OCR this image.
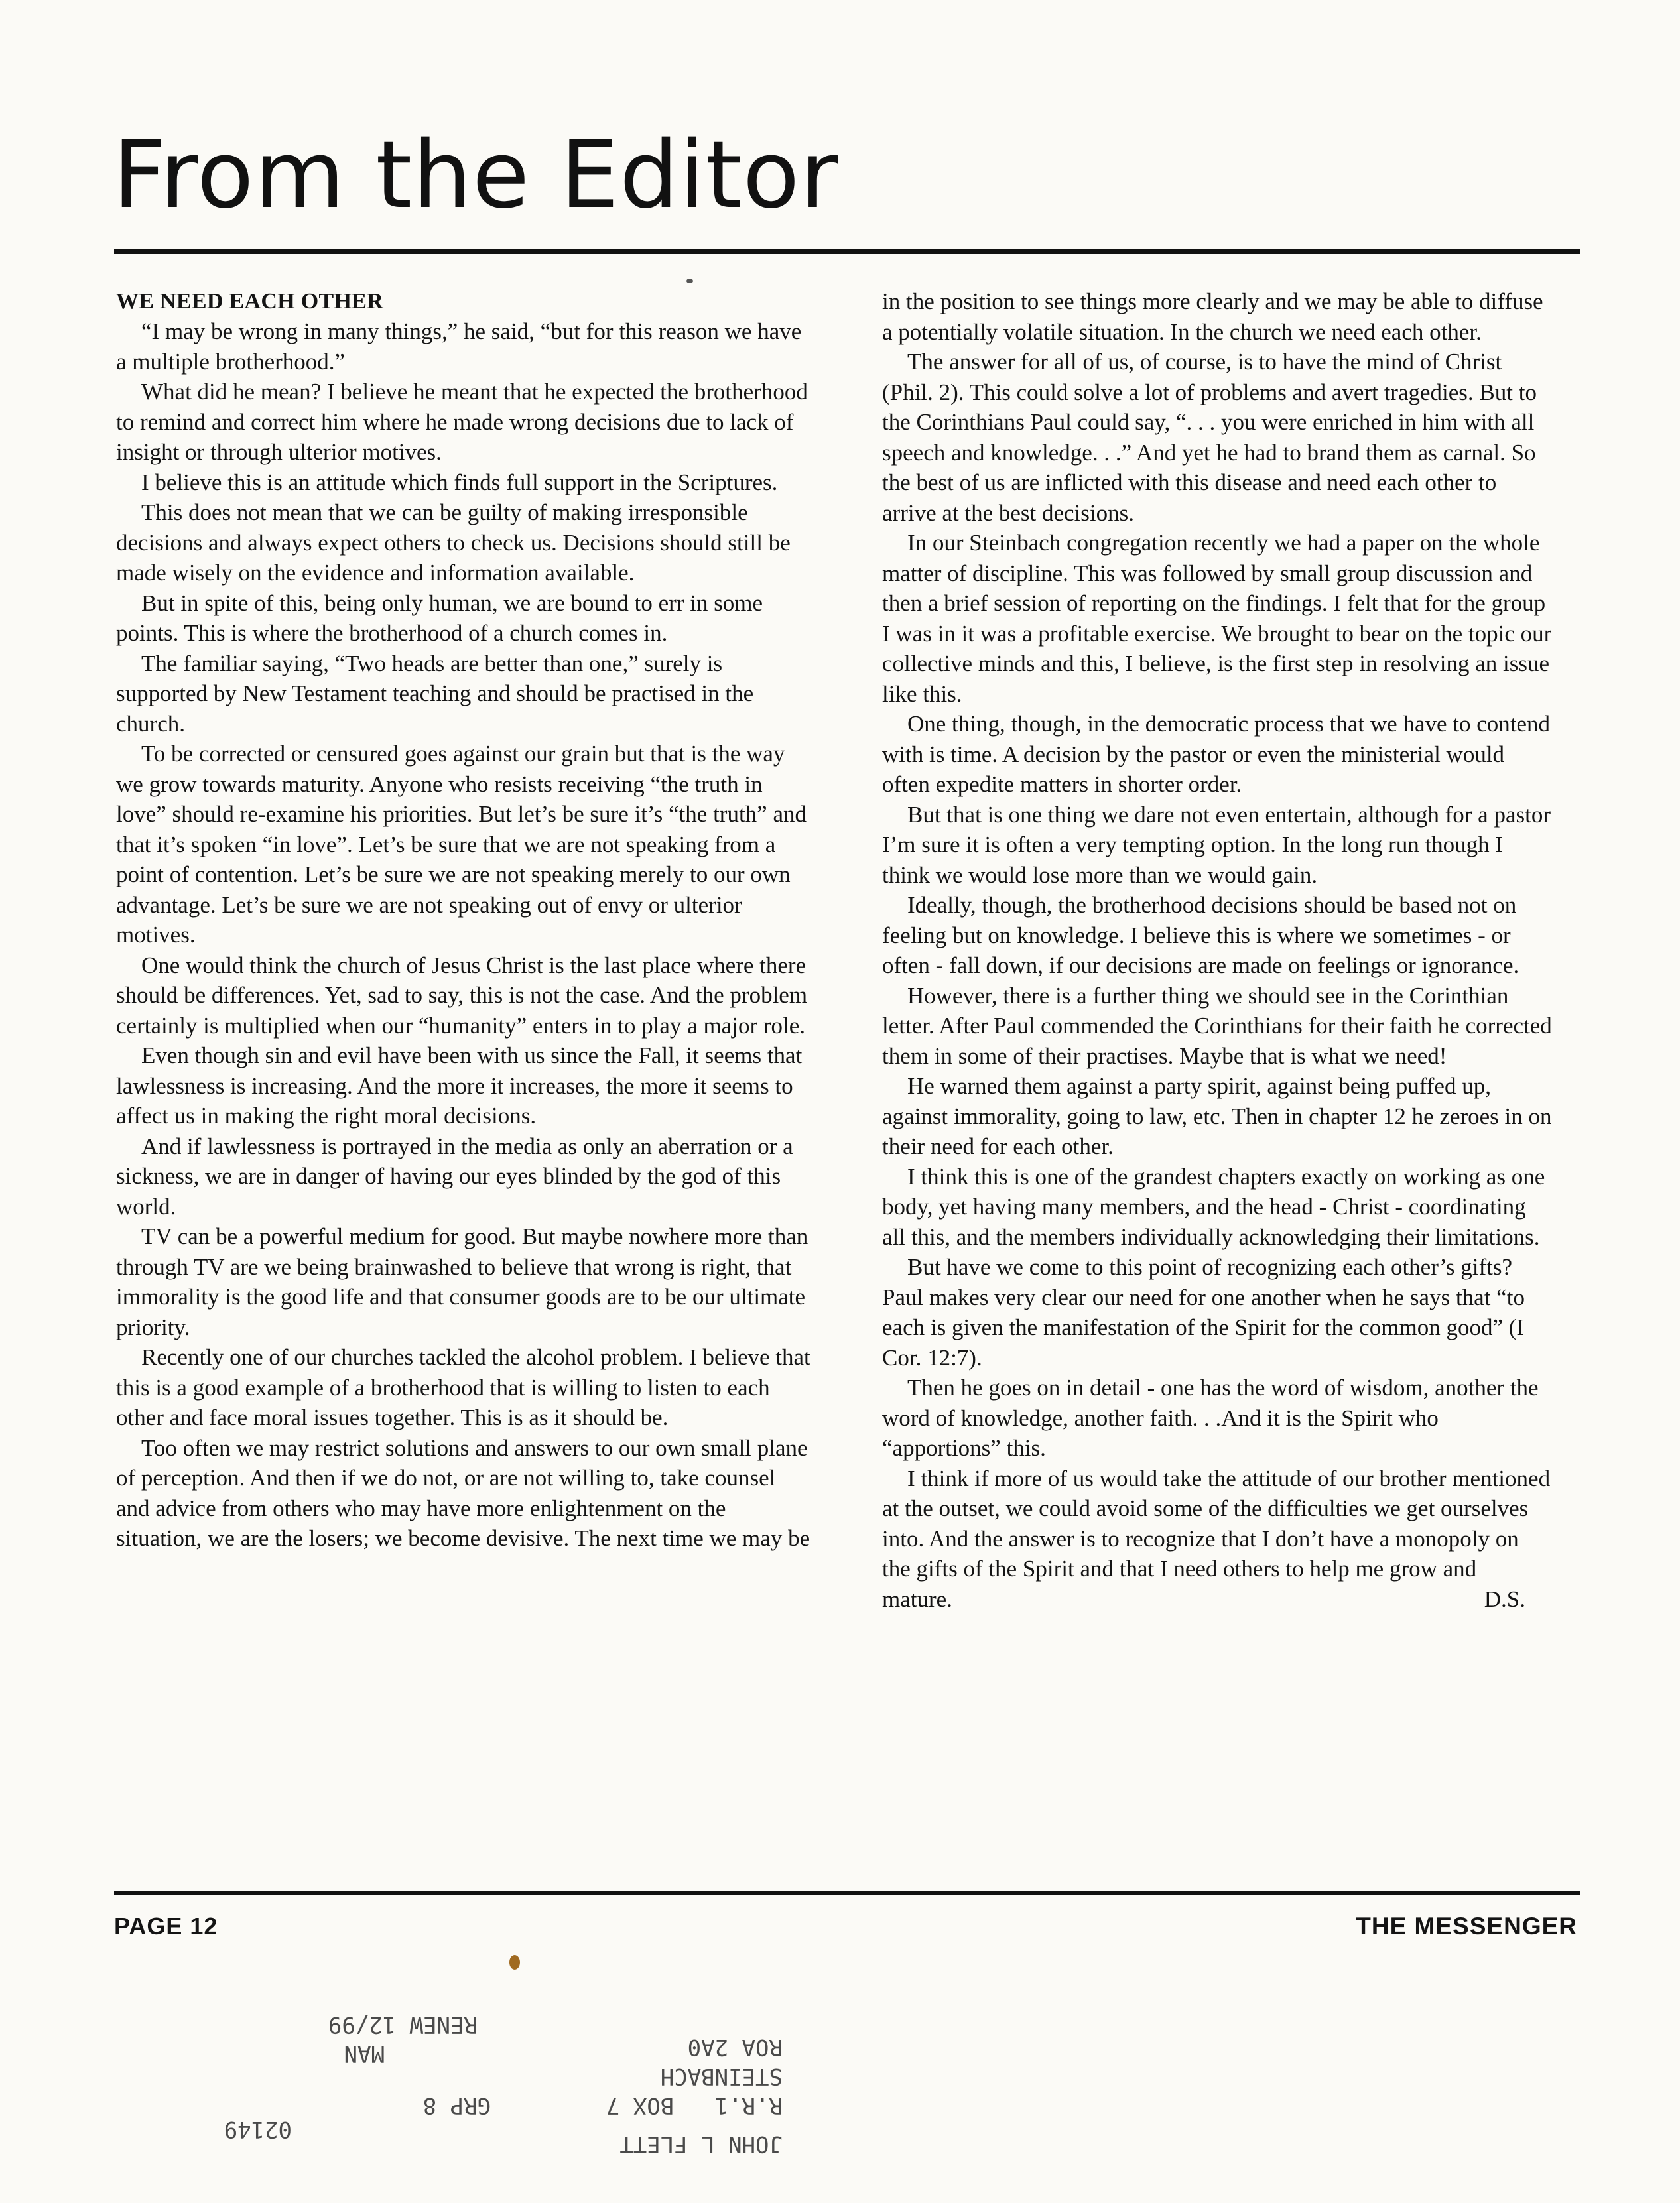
From the Editor
WE NEED EACH OTHER

“I may be wrong in many things,” he said, “but for this reason we have a multiple brotherhood.”

What did he mean? I believe he meant that he expected the brotherhood to remind and correct him where he made wrong decisions due to lack of insight or through ulterior motives.

I believe this is an attitude which finds full support in the Scriptures.

This does not mean that we can be guilty of making irresponsible decisions and always expect others to check us. Decisions should still be made wisely on the evidence and information available.

But in spite of this, being only human, we are bound to err in some points. This is where the brotherhood of a church comes in.

The familiar saying, “Two heads are better than one,” surely is supported by New Testament teaching and should be practised in the church.

To be corrected or censured goes against our grain but that is the way we grow towards maturity. Anyone who resists receiving “the truth in love” should re-examine his priorities. But let’s be sure it’s “the truth” and that it’s spoken “in love”. Let’s be sure that we are not speaking from a point of contention. Let’s be sure we are not speaking merely to our own advantage. Let’s be sure we are not speaking out of envy or ulterior motives.

One would think the church of Jesus Christ is the last place where there should be differences. Yet, sad to say, this is not the case. And the problem certainly is multiplied when our “humanity” enters in to play a major role.

Even though sin and evil have been with us since the Fall, it seems that lawlessness is increasing. And the more it increases, the more it seems to affect us in making the right moral decisions.

And if lawlessness is portrayed in the media as only an aberration or a sickness, we are in danger of having our eyes blinded by the god of this world.

TV can be a powerful medium for good. But maybe nowhere more than through TV are we being brainwashed to believe that wrong is right, that immorality is the good life and that consumer goods are to be our ultimate priority.

Recently one of our churches tackled the alcohol problem. I believe that this is a good example of a brotherhood that is willing to listen to each other and face moral issues together. This is as it should be.

Too often we may restrict solutions and answers to our own small plane of perception. And then if we do not, or are not willing to, take counsel and advice from others who may have more enlightenment on the situation, we are the losers; we become devisive. The next time we may be

in the position to see things more clearly and we may be able to diffuse a potentially volatile situation. In the church we need each other.

The answer for all of us, of course, is to have the mind of Christ (Phil. 2). This could solve a lot of problems and avert tragedies. But to the Corinthians Paul could say, “. . . you were enriched in him with all speech and knowledge. . .” And yet he had to brand them as carnal. So the best of us are inflicted with this disease and need each other to arrive at the best decisions.

In our Steinbach congregation recently we had a paper on the whole matter of discipline. This was followed by small group discussion and then a brief session of reporting on the findings. I felt that for the group I was in it was a profitable exercise. We brought to bear on the topic our collective minds and this, I believe, is the first step in resolving an issue like this.

One thing, though, in the democratic process that we have to contend with is time. A decision by the pastor or even the ministerial would often expedite matters in shorter order.

But that is one thing we dare not even entertain, although for a pastor I’m sure it is often a very tempting option. In the long run though I think we would lose more than we would gain.

Ideally, though, the brotherhood decisions should be based not on feeling but on knowledge. I believe this is where we sometimes - or often - fall down, if our decisions are made on feelings or ignorance.

However, there is a further thing we should see in the Corinthian letter. After Paul commended the Corinthians for their faith he corrected them in some of their practises. Maybe that is what we need!

He warned them against a party spirit, against being puffed up, against immorality, going to law, etc. Then in chapter 12 he zeroes in on their need for each other.

I think this is one of the grandest chapters exactly on working as one body, yet having many members, and the head - Christ - coordinating all this, and the members individually acknowledging their limitations.

But have we come to this point of recognizing each other’s gifts? Paul makes very clear our need for one another when he says that “to each is given the manifestation of the Spirit for the common good” (I Cor. 12:7).

Then he goes on in detail - one has the word of wisdom, another the word of knowledge, another faith. . .And it is the Spirit who “apportions” this.

I think if more of us would take the attitude of our brother mentioned at the outset, we could avoid some of the difficulties we get ourselves into. And the answer is to recognize that I don’t have a monopoly on the gifts of the Spirit and that I need others to help me grow and mature.	D.S.

PAGE 12	THE MESSENGER
JOHN L FLETT
02149
R.R.1   BOX 7
GRP 8
STEINBACH
ROA 2A0
MAN
RENEW 12/99
